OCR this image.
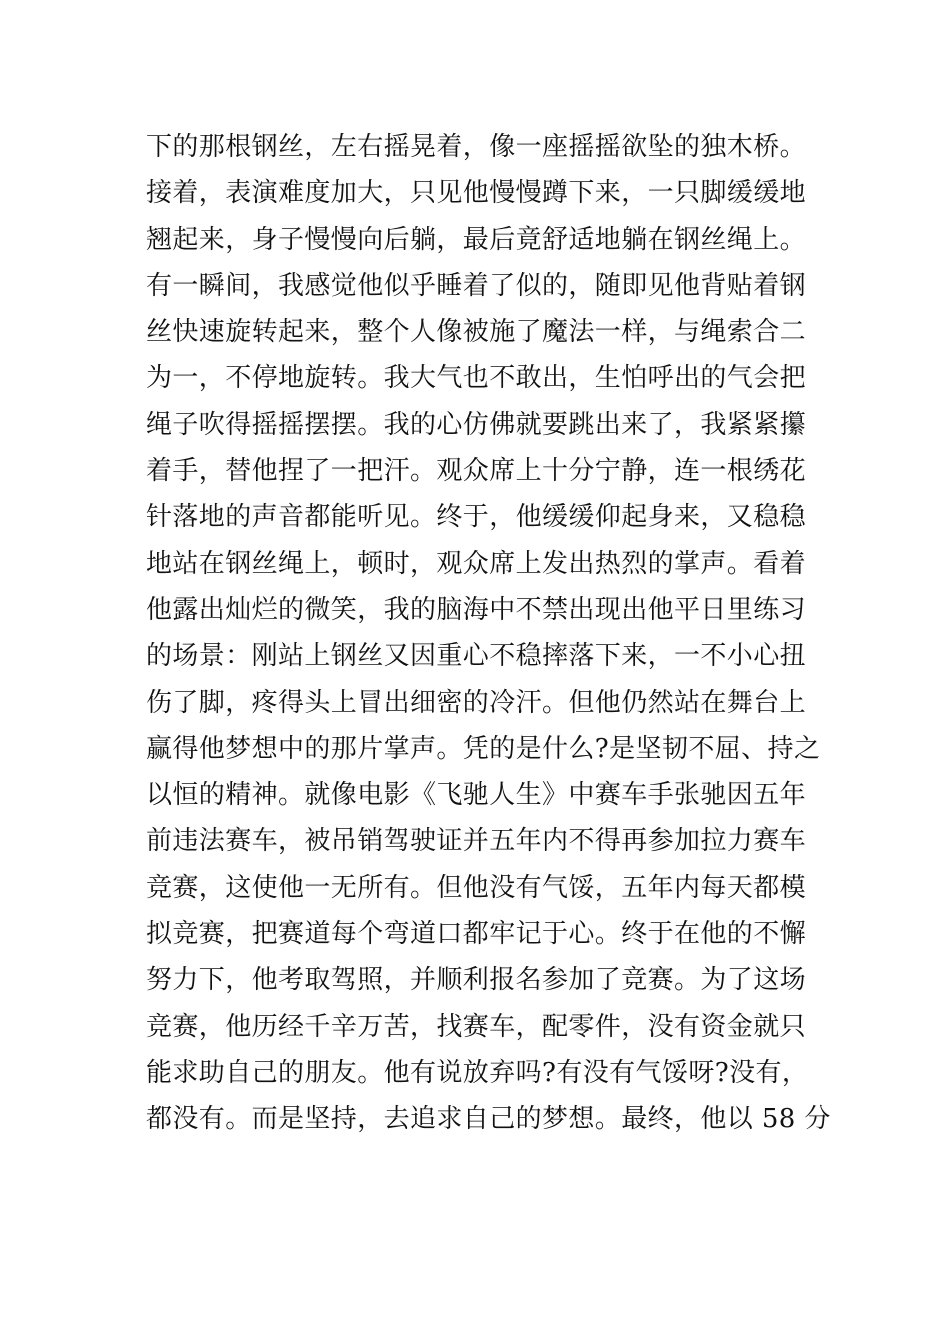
下的那根钢丝，左右摇晃着，像一座摇摇欲坠的独木桥。
接着，表演难度加大，只见他慢慢蹲下来，一只脚缓缓地
翘起来，身子慢慢向后躺，最后竟舒适地躺在钢丝绳上。
有一瞬间，我感觉他似乎睡着了似的，随即见他背贴着钢
丝快速旋转起来，整个人像被施了魔法一样，与绳索合二
为一，不停地旋转。我大气也不敢出，生怕呼出的气会把
绳子吹得摇摇摆摆。我的心仿佛就要跳出来了，我紧紧攥
着手，替他捏了一把汗。观众席上十分宁静，连一根绣花
针落地的声音都能听见。终于，他缓缓仰起身来，又稳稳
地站在钢丝绳上，顿时，观众席上发出热烈的掌声。看着
他露出灿烂的微笑，我的脑海中不禁出现出他平日里练习
的场景：刚站上钢丝又因重心不稳摔落下来，一不小心扭
伤了脚，疼得头上冒出细密的冷汗。但他仍然站在舞台上
赢得他梦想中的那片掌声。凭的是什么?是坚韧不屈、持之
以恒的精神。就像电影《飞驰人生》中赛车手张驰因五年
前违法赛车，被吊销驾驶证并五年内不得再参加拉力赛车
竞赛，这使他一无所有。但他没有气馁，五年内每天都模
拟竞赛，把赛道每个弯道口都牢记于心。终于在他的不懈
努力下，他考取驾照，并顺利报名参加了竞赛。为了这场
竞赛，他历经千辛万苦，找赛车，配零件，没有资金就只
能求助自己的朋友。他有说放弃吗?有没有气馁呀?没有，
都没有。而是坚持，去追求自己的梦想。最终，他以 58 分
